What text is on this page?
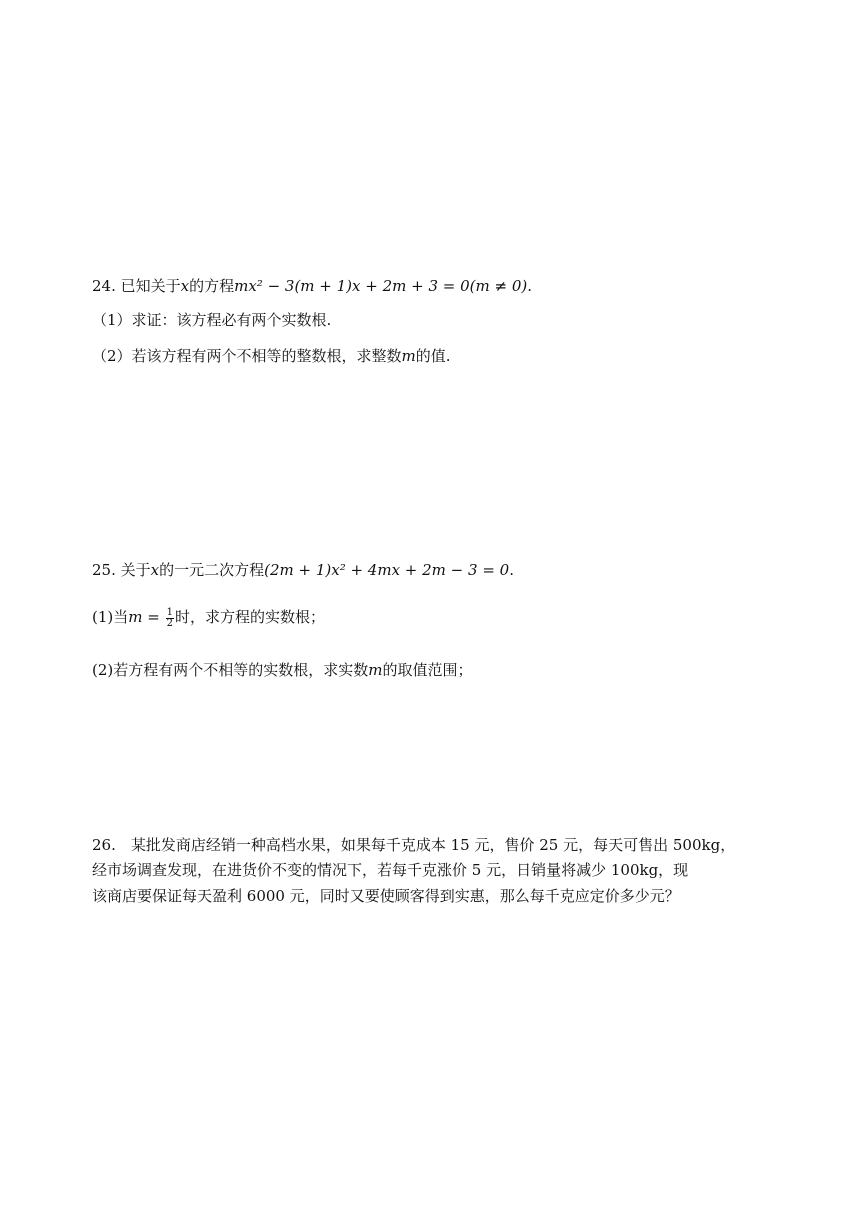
24. 已知关于x的方程mx² − 3(m + 1)x + 2m + 3 = 0(m ≠ 0).
（1）求证：该方程必有两个实数根.
（2）若该方程有两个不相等的整数根，求整数m的值.
25. 关于x的一元二次方程(2m + 1)x² + 4mx + 2m − 3 = 0.
(1)当$m = \frac{1}{2}$ 时，求方程的实数根；
(2)若方程有两个不相等的实数根，求实数m的取值范围；
26.　某批发商店经销一种高档水果，如果每千克成本 15 元，售价 25 元，每天可售出 500kg，
经市场调查发现，在进货价不变的情况下，若每千克涨价 5 元，日销量将减少 100kg，现
该商店要保证每天盈利 6000 元，同时又要使顾客得到实惠，那么每千克应定价多少元？
